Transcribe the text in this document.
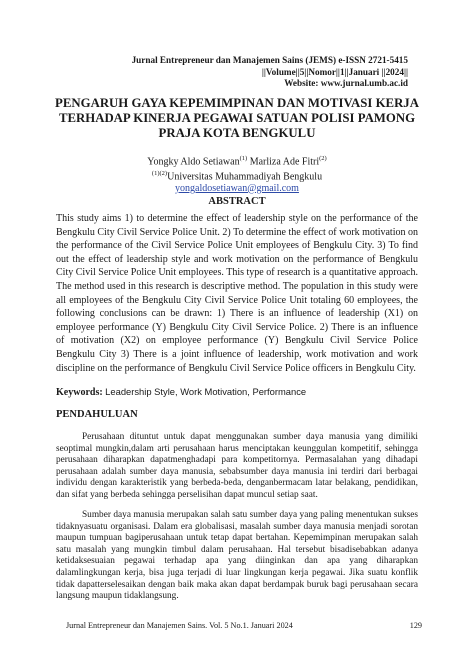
Jurnal Entrepreneur dan Manajemen Sains (JEMS) e-ISSN 2721-5415
||Volume||5||Nomor||1||Januari ||2024||
Website: www.jurnal.umb.ac.id
PENGARUH GAYA KEPEMIMPINAN DAN MOTIVASI KERJA TERHADAP KINERJA PEGAWAI SATUAN POLISI PAMONG PRAJA KOTA BENGKULU
Yongky Aldo Setiawan$^{(1)}$ Marliza Ade Fitri$^{(2)}$
$^{(1)(2)}$Universitas Muhammadiyah Bengkulu
yongaldosetiawan@gmail.com
ABSTRACT

This study aims 1) to determine the effect of leadership style on the performance of the Bengkulu City Civil Service Police Unit. 2) To determine the effect of work motivation on the performance of the Civil Service Police Unit employees of Bengkulu City. 3) To find out the effect of leadership style and work motivation on the performance of Bengkulu City Civil Service Police Unit employees. This type of research is a quantitative approach. The method used in this research is descriptive method. The population in this study were all employees of the Bengkulu City Civil Service Police Unit totaling 60 employees, the following conclusions can be drawn: 1) There is an influence of leadership (X1) on employee performance (Y) Bengkulu City Civil Service Police. 2) There is an influence of motivation (X2) on employee performance (Y) Bengkulu Civil Service Police Bengkulu City 3) There is a joint influence of leadership, work motivation and work discipline on the performance of Bengkulu Civil Service Police officers in Bengkulu City.

Keywords: Leadership Style, Work Motivation, Performance
PENDAHULUAN

Perusahaan dituntut untuk dapat menggunakan sumber daya manusia yang dimiliki seoptimal mungkin,dalam arti perusahaan harus menciptakan keunggulan kompetitif, sehingga perusahaan diharapkan dapatmenghadapi para kompetitornya. Permasalahan yang dihadapi perusahaan adalah sumber daya manusia, sebabsumber daya manusia ini terdiri dari berbagai individu dengan karakteristik yang berbeda-beda, denganbermacam latar belakang, pendidikan, dan sifat yang berbeda sehingga perselisihan dapat muncul setiap saat.

Sumber daya manusia merupakan salah satu sumber daya yang paling menentukan sukses tidaknyasuatu organisasi. Dalam era globalisasi, masalah sumber daya manusia menjadi sorotan maupun tumpuan bagiperusahaan untuk tetap dapat bertahan. Kepemimpinan merupakan salah satu masalah yang mungkin timbul dalam perusahaan. Hal tersebut bisadisebabkan adanya ketidaksesuaian pegawai terhadap apa yang diinginkan dan apa yang diharapkan dalamlingkungan kerja, bisa juga terjadi di luar lingkungan kerja pegawai. Jika suatu konflik tidak dapatterselesaikan dengan baik maka akan dapat berdampak buruk bagi perusahaan secara langsung maupun tidaklangsung.

Jurnal Entrepreneur dan Manajemen Sains. Vol. 5 No.1. Januari 2024	129
